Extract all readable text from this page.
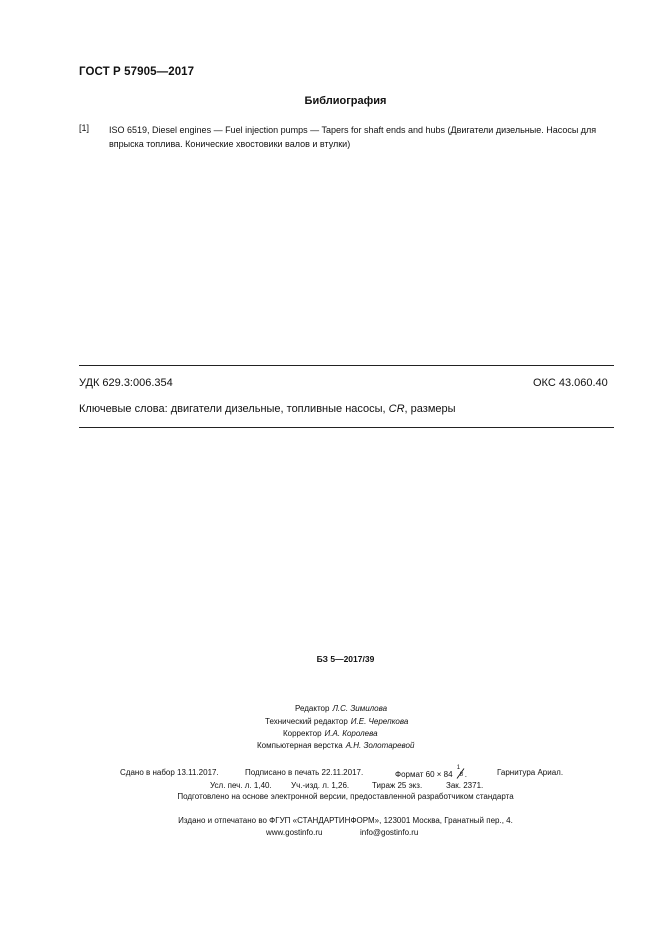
ГОСТ Р 57905—2017
Библиография
[1] ISO 6519, Diesel engines — Fuel injection pumps — Tapers for shaft ends and hubs (Двигатели дизельные. Насосы для впрыска топлива. Конические хвостовики валов и втулки)
УДК 629.3:006.354	ОКС 43.060.40
Ключевые слова: двигатели дизельные, топливные насосы, CR, размеры
БЗ 5—2017/39
Редактор Л.С. Зимилова
Технический редактор И.Е. Черепкова
Корректор И.А. Королева
Компьютерная верстка А.Н. Золотаревой
Сдано в набор 13.11.2017.	Подписано в печать 22.11.2017.	Формат 60 × 84
1
8 .	Гарнитура Ариал.
Усл. печ. л. 1,40. Уч.-изд. л. 1,26.	Тираж 25 экз.	Зак. 2371.
Подготовлено на основе электронной версии, предоставленной разработчиком стандарта
Издано и отпечатано во ФГУП «СТАНДАРТИНФОРМ», 123001 Москва, Гранатный пер., 4.
www.gostinfo.ru	info@gostinfo.ru
